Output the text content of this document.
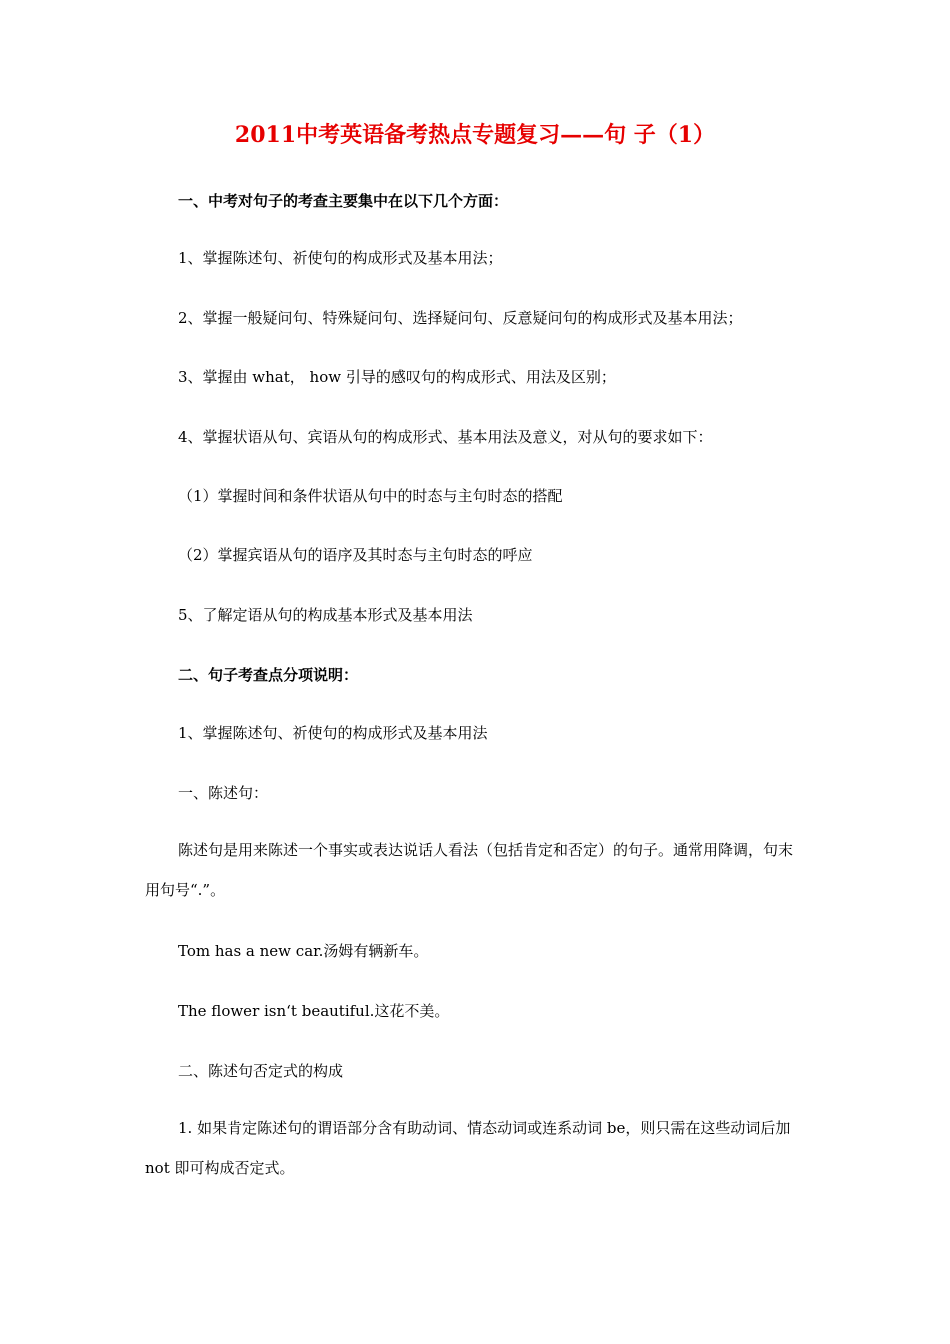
2011中考英语备考热点专题复习——句 子（1）
一、中考对句子的考查主要集中在以下几个方面：
1、掌握陈述句、祈使句的构成形式及基本用法；
2、掌握一般疑问句、特殊疑问句、选择疑问句、反意疑问句的构成形式及基本用法；
3、掌握由 what， how 引导的感叹句的构成形式、用法及区别；
4、掌握状语从句、宾语从句的构成形式、基本用法及意义，对从句的要求如下：
（1）掌握时间和条件状语从句中的时态与主句时态的搭配
（2）掌握宾语从句的语序及其时态与主句时态的呼应
5、了解定语从句的构成基本形式及基本用法
二、句子考查点分项说明：
1、掌握陈述句、祈使句的构成形式及基本用法
一、陈述句：
陈述句是用来陈述一个事实或表达说话人看法（包括肯定和否定）的句子。通常用降调，句末用句号“.”。
Tom has a new car.汤姆有辆新车。
The flower isn‘t beautiful.这花不美。
二、陈述句否定式的构成
1. 如果肯定陈述句的谓语部分含有助动词、情态动词或连系动词 be，则只需在这些动词后加 not 即可构成否定式。
